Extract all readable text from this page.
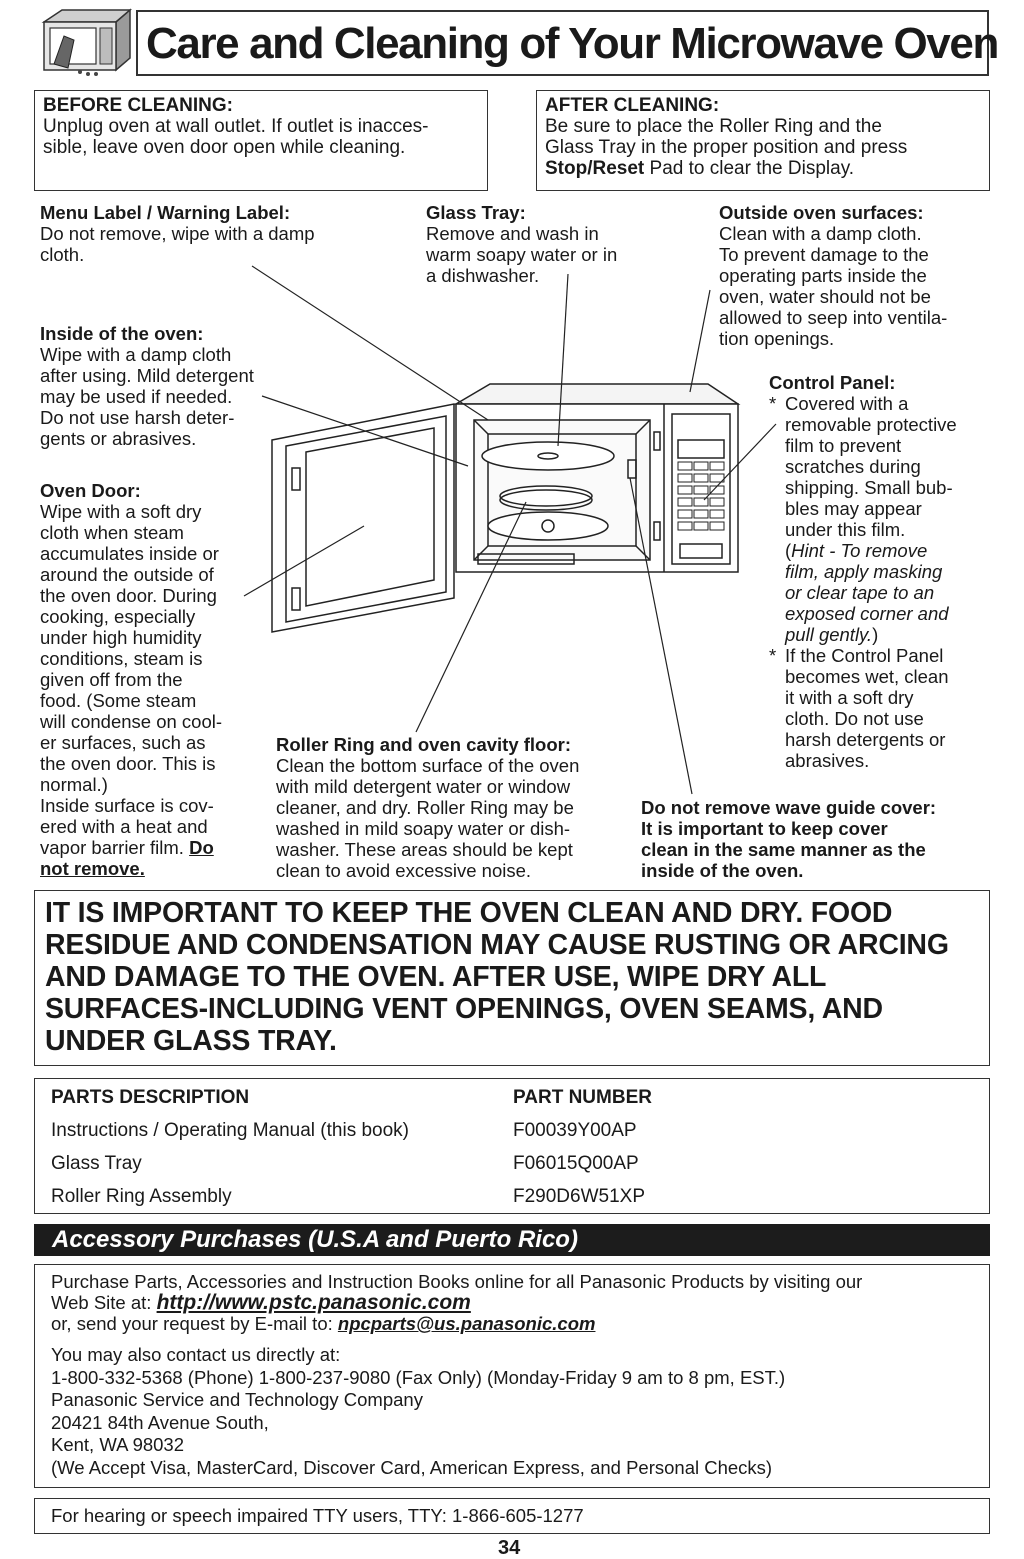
Care and Cleaning of Your Microwave Oven
BEFORE CLEANING:
Unplug oven at wall outlet. If outlet is inacces-
sible, leave oven door open while cleaning.
AFTER CLEANING:
Be sure to place the Roller Ring and the
Glass Tray in the proper position and press
Stop/Reset Pad to clear the Display.
Menu Label / Warning Label:
Do not remove, wipe with a damp
cloth.
Glass Tray:
Remove and wash in
warm soapy water or in
a dishwasher.
Outside oven surfaces:
Clean with a damp cloth.
To prevent damage to the
operating parts inside the
oven, water should not be
allowed to seep into ventila-
tion openings.
Inside of the oven:
Wipe with a damp cloth
after using. Mild detergent
may be used if needed.
Do not use harsh deter-
gents or abrasives.
Oven Door:
Wipe with a soft dry
cloth when steam
accumulates inside or
around the outside of
the oven door. During
cooking, especially
under high humidity
conditions, steam is
given off from the
food. (Some steam
will condense on cool-
er surfaces, such as
the oven door. This is
normal.)
Inside surface is cov-
ered with a heat and
vapor barrier film. Do
not remove.
Control Panel:
* Covered with a
removable protective
film to prevent
scratches during
shipping. Small bub-
bles may appear
under this film.
(Hint - To remove
film, apply masking
or clear tape to an
exposed corner and
pull gently.)
* If the Control Panel
becomes wet, clean
it with a soft dry
cloth. Do not use
harsh detergents or
abrasives.
Roller Ring and oven cavity floor:
Clean the bottom surface of the oven
with mild detergent water or window
cleaner, and dry. Roller Ring may be
washed in mild soapy water or dish-
washer. These areas should be kept
clean to avoid excessive noise.
Do not remove wave guide cover:
It is important to keep cover
clean in the same manner as the
inside of the oven.
IT IS IMPORTANT TO KEEP THE OVEN CLEAN AND DRY. FOOD RESIDUE AND CONDENSATION MAY CAUSE RUSTING OR ARCING AND DAMAGE TO THE OVEN. AFTER USE, WIPE DRY ALL SURFACES-INCLUDING VENT OPENINGS, OVEN SEAMS, AND UNDER GLASS TRAY.
PARTS DESCRIPTION	PART NUMBER
Instructions / Operating Manual (this book)	F00039Y00AP
Glass Tray	F06015Q00AP
Roller Ring Assembly	F290D6W51XP
Accessory Purchases (U.S.A and Puerto Rico)
Purchase Parts, Accessories and Instruction Books online for all Panasonic Products by visiting our
Web Site at: http://www.pstc.panasonic.com
or, send your request by E-mail to: npcparts@us.panasonic.com
You may also contact us directly at:
1-800-332-5368 (Phone) 1-800-237-9080 (Fax Only) (Monday-Friday 9 am to 8 pm, EST.)
Panasonic Service and Technology Company
20421 84th Avenue South,
Kent, WA 98032
(We Accept Visa, MasterCard, Discover Card, American Express, and Personal Checks)
For hearing or speech impaired TTY users, TTY: 1-866-605-1277
34
